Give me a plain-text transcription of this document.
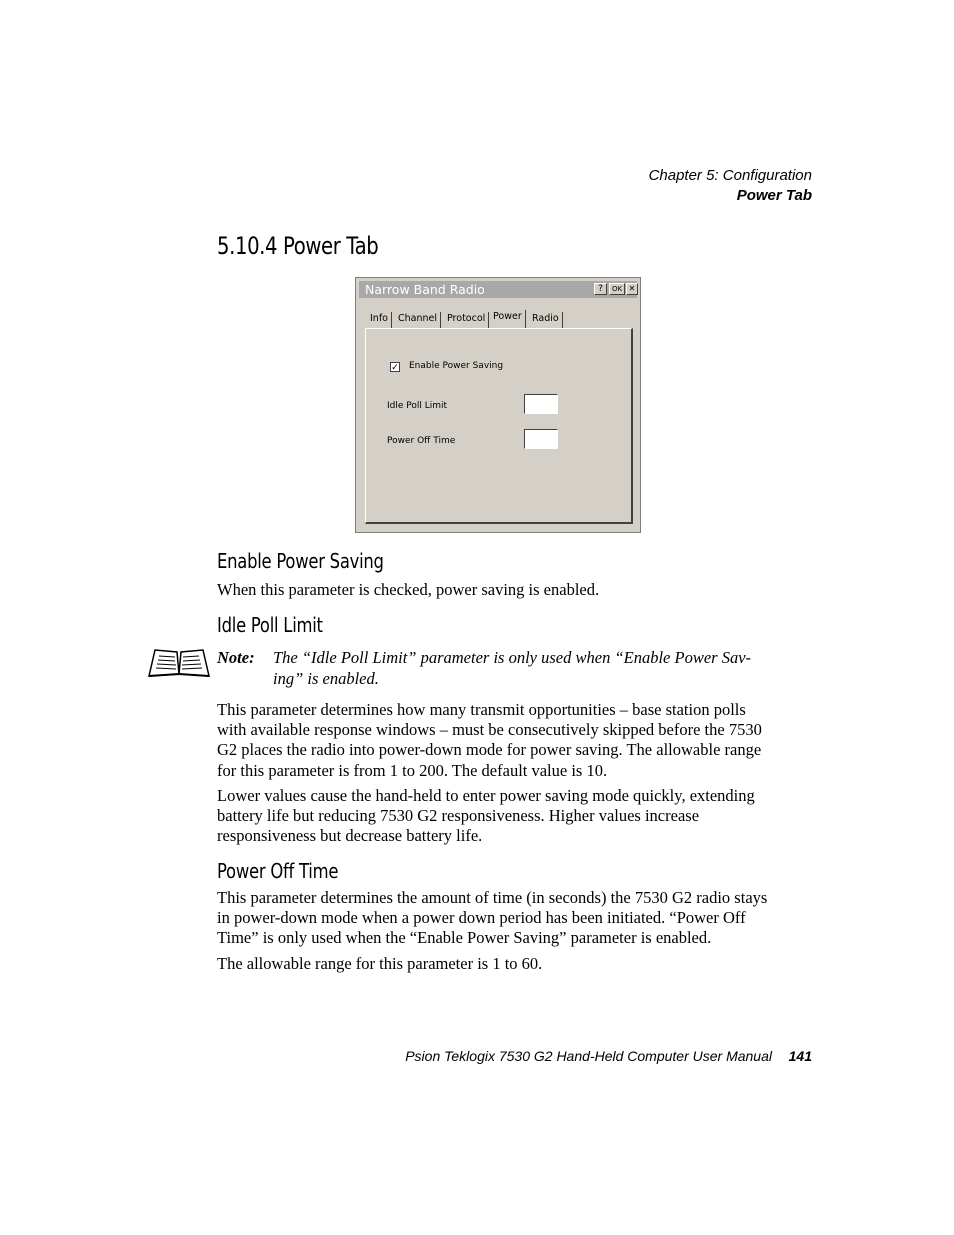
Chapter 5: Configuration
Power Tab
5.10.4 Power Tab
Narrow Band Radio	?	OK ✕
Info	Channel	Protocol Power	Radio
✓ Enable Power Saving
Idle Poll Limit
Power Off Time
Enable Power Saving
When this parameter is checked, power saving is enabled.
Idle Poll Limit
Note: The “Idle Poll Limit” parameter is only used when “Enable Power Sav-ing” is enabled.
This parameter determines how many transmit opportunities – base station polls with available response windows – must be consecutively skipped before the 7530 G2 places the radio into power-down mode for power saving. The allowable range for this parameter is from 1 to 200. The default value is 10.
Lower values cause the hand-held to enter power saving mode quickly, extending battery life but reducing 7530 G2 responsiveness. Higher values increase responsiveness but decrease battery life.
Power Off Time
This parameter determines the amount of time (in seconds) the 7530 G2 radio stays in power-down mode when a power down period has been initiated. “Power Off Time” is only used when the “Enable Power Saving” parameter is enabled.
The allowable range for this parameter is 1 to 60.
Psion Teklogix 7530 G2 Hand-Held Computer User Manual 141
